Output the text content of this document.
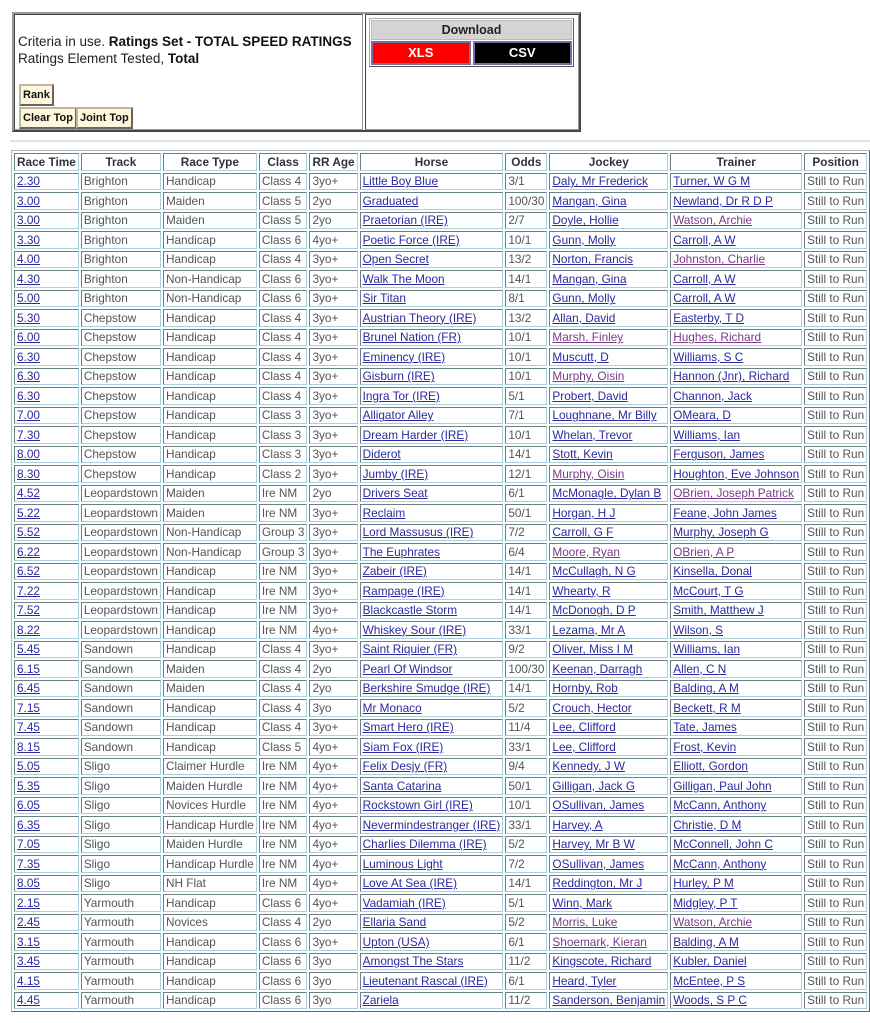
Criteria in use. Ratings Set - TOTAL SPEED RATINGS
Ratings Element Tested, Total
Rank
Clear Top Joint Top
Download
XLS	CSV
Race Time	Track	Race Type	Class	RR Age	Horse	Odds	Jockey	Trainer	Position
2.30	Brighton	Handicap	Class 4	3yo+	Little Boy Blue	3/1	Daly, Mr Frederick	Turner, W G M	Still to Run
3.00	Brighton	Maiden	Class 5	2yo	Graduated	100/30	Mangan, Gina	Newland, Dr R D P	Still to Run
3.00	Brighton	Maiden	Class 5	2yo	Praetorian (IRE)	2/7	Doyle, Hollie	Watson, Archie	Still to Run
3.30	Brighton	Handicap	Class 6	4yo+	Poetic Force (IRE)	10/1	Gunn, Molly	Carroll, A W	Still to Run
4.00	Brighton	Handicap	Class 4	3yo+	Open Secret	13/2	Norton, Francis	Johnston, Charlie	Still to Run
4.30	Brighton	Non-Handicap	Class 6	3yo+	Walk The Moon	14/1	Mangan, Gina	Carroll, A W	Still to Run
5.00	Brighton	Non-Handicap	Class 6	3yo+	Sir Titan	8/1	Gunn, Molly	Carroll, A W	Still to Run
5.30	Chepstow	Handicap	Class 4	3yo+	Austrian Theory (IRE)	13/2	Allan, David	Easterby, T D	Still to Run
6.00	Chepstow	Handicap	Class 4	3yo+	Brunel Nation (FR)	10/1	Marsh, Finley	Hughes, Richard	Still to Run
6.30	Chepstow	Handicap	Class 4	3yo+	Eminency (IRE)	10/1	Muscutt, D	Williams, S C	Still to Run
6.30	Chepstow	Handicap	Class 4	3yo+	Gisburn (IRE)	10/1	Murphy, Oisin	Hannon (Jnr), Richard	Still to Run
6.30	Chepstow	Handicap	Class 4	3yo+	Ingra Tor (IRE)	5/1	Probert, David	Channon, Jack	Still to Run
7.00	Chepstow	Handicap	Class 3	3yo+	Alligator Alley	7/1	Loughnane, Mr Billy	OMeara, D	Still to Run
7.30	Chepstow	Handicap	Class 3	3yo+	Dream Harder (IRE)	10/1	Whelan, Trevor	Williams, Ian	Still to Run
8.00	Chepstow	Handicap	Class 3	3yo+	Diderot	14/1	Stott, Kevin	Ferguson, James	Still to Run
8.30	Chepstow	Handicap	Class 2	3yo+	Jumby (IRE)	12/1	Murphy, Oisin	Houghton, Eve Johnson	Still to Run
4.52	Leopardstown	Maiden	Ire NM	2yo	Drivers Seat	6/1	McMonagle, Dylan B	OBrien, Joseph Patrick	Still to Run
5.22	Leopardstown	Maiden	Ire NM	3yo+	Reclaim	50/1	Horgan, H J	Feane, John James	Still to Run
5.52	Leopardstown	Non-Handicap	Group 3	3yo+	Lord Massusus (IRE)	7/2	Carroll, G F	Murphy, Joseph G	Still to Run
6.22	Leopardstown	Non-Handicap	Group 3	3yo+	The Euphrates	6/4	Moore, Ryan	OBrien, A P	Still to Run
6.52	Leopardstown	Handicap	Ire NM	3yo+	Zabeir (IRE)	14/1	McCullagh, N G	Kinsella, Donal	Still to Run
7.22	Leopardstown	Handicap	Ire NM	3yo+	Rampage (IRE)	14/1	Whearty, R	McCourt, T G	Still to Run
7.52	Leopardstown	Handicap	Ire NM	3yo+	Blackcastle Storm	14/1	McDonogh, D P	Smith, Matthew J	Still to Run
8.22	Leopardstown	Handicap	Ire NM	4yo+	Whiskey Sour (IRE)	33/1	Lezama, Mr A	Wilson, S	Still to Run
5.45	Sandown	Handicap	Class 4	3yo+	Saint Riquier (FR)	9/2	Oliver, Miss I M	Williams, Ian	Still to Run
6.15	Sandown	Maiden	Class 4	2yo	Pearl Of Windsor	100/30	Keenan, Darragh	Allen, C N	Still to Run
6.45	Sandown	Maiden	Class 4	2yo	Berkshire Smudge (IRE)	14/1	Hornby, Rob	Balding, A M	Still to Run
7.15	Sandown	Handicap	Class 4	3yo	Mr Monaco	5/2	Crouch, Hector	Beckett, R M	Still to Run
7.45	Sandown	Handicap	Class 4	3yo+	Smart Hero (IRE)	11/4	Lee, Clifford	Tate, James	Still to Run
8.15	Sandown	Handicap	Class 5	4yo+	Siam Fox (IRE)	33/1	Lee, Clifford	Frost, Kevin	Still to Run
5.05	Sligo	Claimer Hurdle	Ire NM	4yo+	Felix Desjy (FR)	9/4	Kennedy, J W	Elliott, Gordon	Still to Run
5.35	Sligo	Maiden Hurdle	Ire NM	4yo+	Santa Catarina	50/1	Gilligan, Jack G	Gilligan, Paul John	Still to Run
6.05	Sligo	Novices Hurdle	Ire NM	4yo+	Rockstown Girl (IRE)	10/1	OSullivan, James	McCann, Anthony	Still to Run
6.35	Sligo	Handicap Hurdle	Ire NM	4yo+	Nevermindestranger (IRE)	33/1	Harvey, A	Christie, D M	Still to Run
7.05	Sligo	Maiden Hurdle	Ire NM	4yo+	Charlies Dilemma (IRE)	5/2	Harvey, Mr B W	McConnell, John C	Still to Run
7.35	Sligo	Handicap Hurdle	Ire NM	4yo+	Luminous Light	7/2	OSullivan, James	McCann, Anthony	Still to Run
8.05	Sligo	NH Flat	Ire NM	4yo+	Love At Sea (IRE)	14/1	Reddington, Mr J	Hurley, P M	Still to Run
2.15	Yarmouth	Handicap	Class 6	4yo+	Vadamiah (IRE)	5/1	Winn, Mark	Midgley, P T	Still to Run
2.45	Yarmouth	Novices	Class 4	2yo	Ellaria Sand	5/2	Morris, Luke	Watson, Archie	Still to Run
3.15	Yarmouth	Handicap	Class 6	3yo+	Upton (USA)	6/1	Shoemark, Kieran	Balding, A M	Still to Run
3.45	Yarmouth	Handicap	Class 6	3yo	Amongst The Stars	11/2	Kingscote, Richard	Kubler, Daniel	Still to Run
4.15	Yarmouth	Handicap	Class 6	3yo	Lieutenant Rascal (IRE)	6/1	Heard, Tyler	McEntee, P S	Still to Run
4.45	Yarmouth	Handicap	Class 6	3yo	Zariela	11/2	Sanderson, Benjamin	Woods, S P C	Still to Run
